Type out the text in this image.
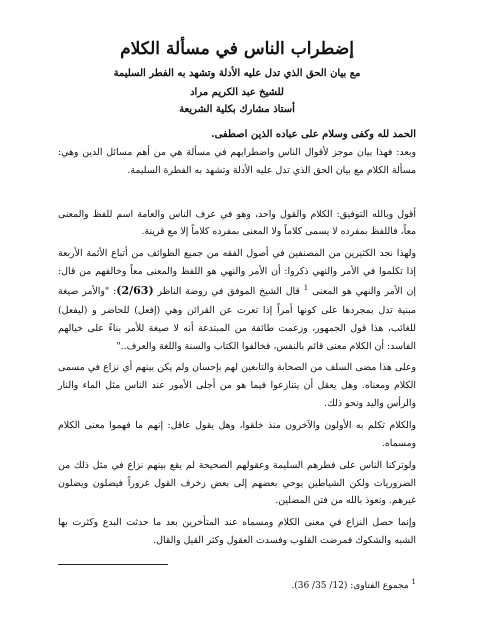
إضطراب الناس في مسألة الكلام
مع بيان الحق الذي تدل عليه الأدلة وتشهد به الفطر السليمة
للشيخ عبد الكريم مراد
أستاذ مشارك بكلية الشريعة
الحمد لله وكفى وسلام على عباده الذين اصطفى.

وبعد: فهذا بيان موجز لأقوال الناس واضطرابهم في مسألة هي من أهم مسائل الدين وهي: مسألة الكلام مع بيان الحق الذي تدل عليه الأدلة وتشهد به الفطرة السليمة.

أقول وبالله التوفيق: الكلام والقول واحد، وهو في عرف الناس والعامة اسم للفظ والمعنى معاً، فاللفظ بمفرده لا يسمى كلاماً ولا المعنى بمفرده كلاماً إلا مع قرينة.

ولهذا نجد الكثيرين من المصنفين في أصول الفقه من جميع الطوائف من أتباع الأئمة الأربعة إذا تكلموا في الأمر والنهي ذكروا: أن الأمر والنهي هو اللفظ والمعنى معاً وخالفهم من قال: إن الأمر والنهي هو المعنى $^1$ قال الشيخ الموفق في روضة الناظر (2/63): "والأمر صيغة مبنية تدل بمجردها على كونها أمراً إذا تعرت عن القرائن وهي (إفعل) للحاضر و (ليفعل) للغائب، هذا قول الجمهور، وزعمت طائفة من المبتدعة أنه لا صيغة للأمر بناءً على خيالهم الفاسد: أن الكلام معنى قائم بالنفس، فخالفوا الكتاب والسنة واللغة والعرف.."

وعلى هذا مضى السلف من الصحابة والتابعين لهم بإحسان ولم يكن بينهم أي نزاع في مسمى الكلام ومعناه. وهل يعقل أن يتنازعوا فيما هو من أجلى الأمور عند الناس مثل الماء والنار والرأس واليد ونحو ذلك.

والكلام تكلم به الأولون والآخرون منذ خلقوا، وهل يقول عاقل: إنهم ما فهموا معنى الكلام ومسماه.

ولوتركنا الناس على فطرهم السليمة وعقولهم الصحيحة لم يقع بينهم نزاع في مثل ذلك من الضروريات ولكن الشياطين يوحي بعضهم إلى بعض زخرف القول غروراً فيضلون ويضلون غيرهم. ونعوذ بالله من فتن المضلين.

وإنما حصل النزاع في معنى الكلام ومسماه عند المتأخرين بعد ما حدثت البدع وكثرت بها الشبه والشكوك فمرضت القلوب وفسدت العقول وكثر القيل والقال.

$^1$ مجموع الفتاوى: (12/ 35/ 36).
